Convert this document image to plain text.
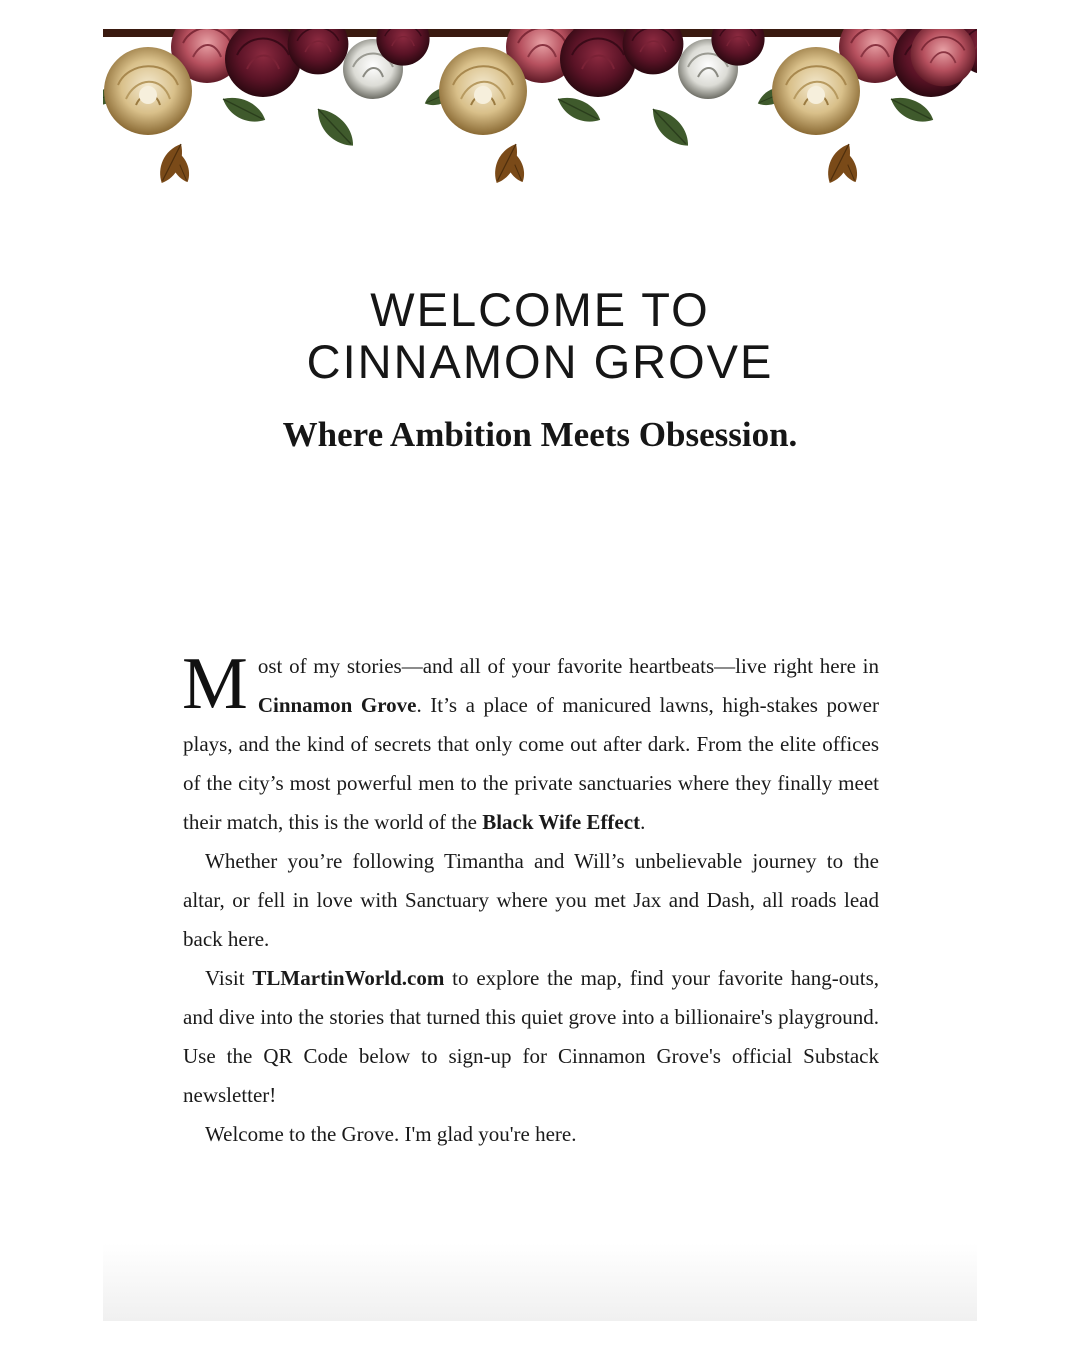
WELCOME TO
CINNAMON GROVE
Where Ambition Meets Obsession.

Most of my stories—and all of your favorite heartbeats—live right here in Cinnamon Grove. It’s a place of manicured lawns, high-stakes power plays, and the kind of secrets that only come out after dark. From the elite offices of the city’s most powerful men to the private sanctuaries where they finally meet their match, this is the world of the Black Wife Effect.

Whether you’re following Timantha and Will’s unbelievable journey to the altar, or fell in love with Sanctuary where you met Jax and Dash, all roads lead back here.

Visit TLMartinWorld.com to explore the map, find your favorite hang-outs, and dive into the stories that turned this quiet grove into a billionaire's playground. Use the QR Code below to sign-up for Cinnamon Grove's official Substack newsletter!

Welcome to the Grove. I'm glad you're here.
